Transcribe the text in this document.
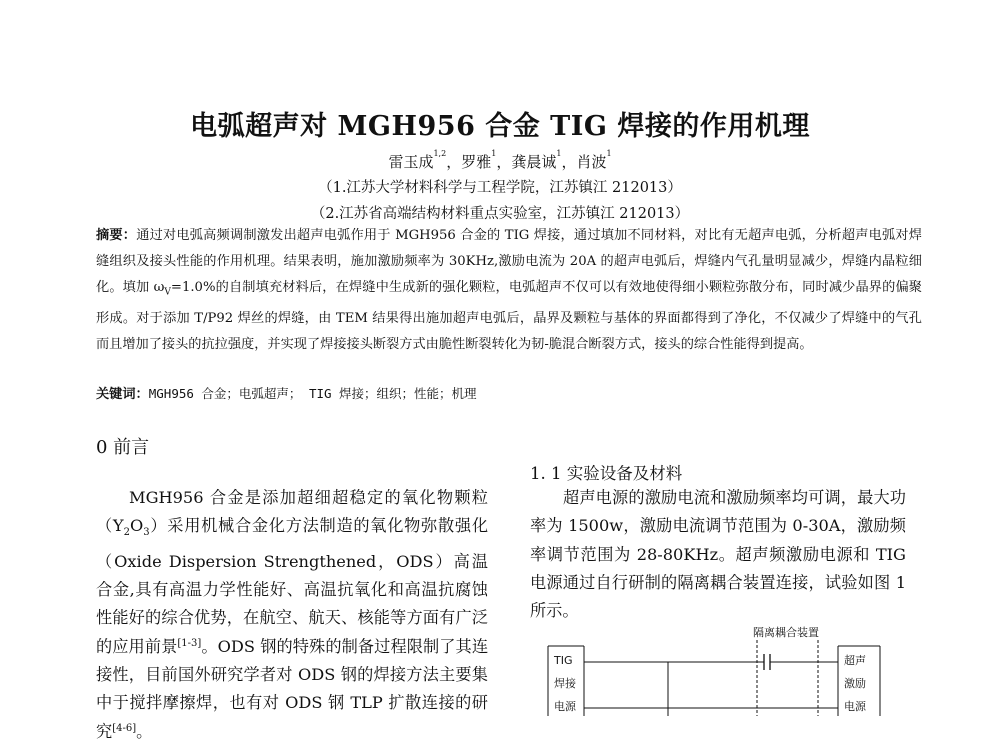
电弧超声对 MGH956 合金 TIG 焊接的作用机理
雷玉成$^{1,2}$，罗雅$^1$，龚晨诚$^1$，肖波$^1$
（1.江苏大学材料科学与工程学院，江苏镇江 212013）
（2.江苏省高端结构材料重点实验室，江苏镇江 212013）

摘要：通过对电弧高频调制激发出超声电弧作用于 MGH956 合金的 TIG 焊接，通过填加不同材料，对比有无超声电弧，分析超声电弧对焊缝组织及接头性能的作用机理。结果表明，施加激励频率为 30KHz,激励电流为 20A 的超声电弧后，焊缝内气孔量明显减少，焊缝内晶粒细化。填加 $\omega_V=1.0\%$的自制填充材料后，在焊缝中生成新的强化颗粒，电弧超声不仅可以有效地使得细小颗粒弥散分布，同时减少晶界的偏聚形成。对于添加 T/P92 焊丝的焊缝，由 TEM 结果得出施加超声电弧后，晶界及颗粒与基体的界面都得到了净化，不仅减少了焊缝中的气孔而且增加了接头的抗拉强度，并实现了焊接接头断裂方式由脆性断裂转化为韧-脆混合断裂方式，接头的综合性能得到提高。

关键词：MGH956 合金；电弧超声； TIG 焊接；组织；性能；机理
0 前言

MGH956 合金是添加超细超稳定的氧化物颗粒$(Y_2O_3)$采用机械合金化方法制造的氧化物弥散强化（Oxide Dispersion Strengthened，ODS）高温合金,具有高温力学性能好、高温抗氧化和高温抗腐蚀性能好的综合优势，在航空、航天、核能等方面有广泛的应用前景[1-3]。ODS 钢的特殊的制备过程限制了其连接性，目前国外研究学者对 ODS 钢的焊接方法主要集中于搅拌摩擦焊，也有对 ODS 钢 TLP 扩散连接的研究[4-6]。

1. 1 实验设备及材料

超声电源的激励电流和激励频率均可调，最大功率为 1500w，激励电流调节范围为 0-30A，激励频率调节范围为 28-80KHz。超声频激励电源和 TIG 电源通过自行研制的隔离耦合装置连接，试验如图 1 所示。

隔离耦合装置
TIG
焊接
电源
超声
激励
电源
